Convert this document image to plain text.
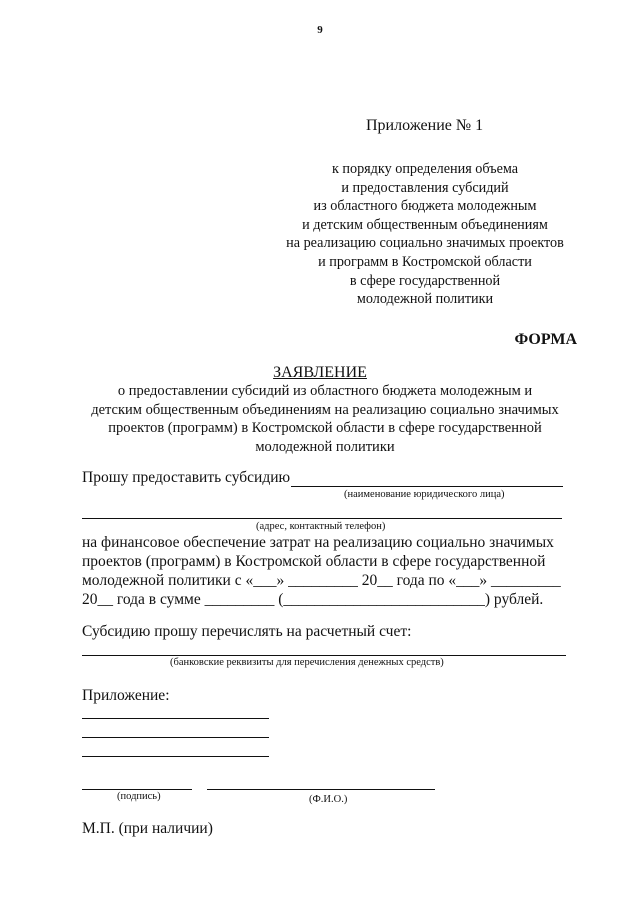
9
Приложение № 1
к порядку определения объема
и предоставления субсидий
из областного бюджета молодежным
и детским общественным объединениям
на реализацию социально значимых проектов
и программ в Костромской области
в сфере государственной
молодежной политики
ФОРМА
ЗАЯВЛЕНИЕ
о предоставлении субсидий из областного бюджета молодежным и
детским общественным объединениям на реализацию социально значимых
проектов (программ) в Костромской области в сфере государственной
молодежной политики
Прошу предоставить субсидию
(наименование юридического лица)
(адрес, контактный телефон)
на финансовое обеспечение затрат на реализацию социально значимых
проектов (программ) в Костромской области в сфере государственной
молодежной политики с «___» _________ 20__ года по «___» _________
20__ года в сумме _________ (__________________________) рублей.
Субсидию прошу перечислять на расчетный счет:
(банковские реквизиты для перечисления денежных средств)
Приложение:
(подпись)	(Ф.И.О.)
М.П. (при наличии)
